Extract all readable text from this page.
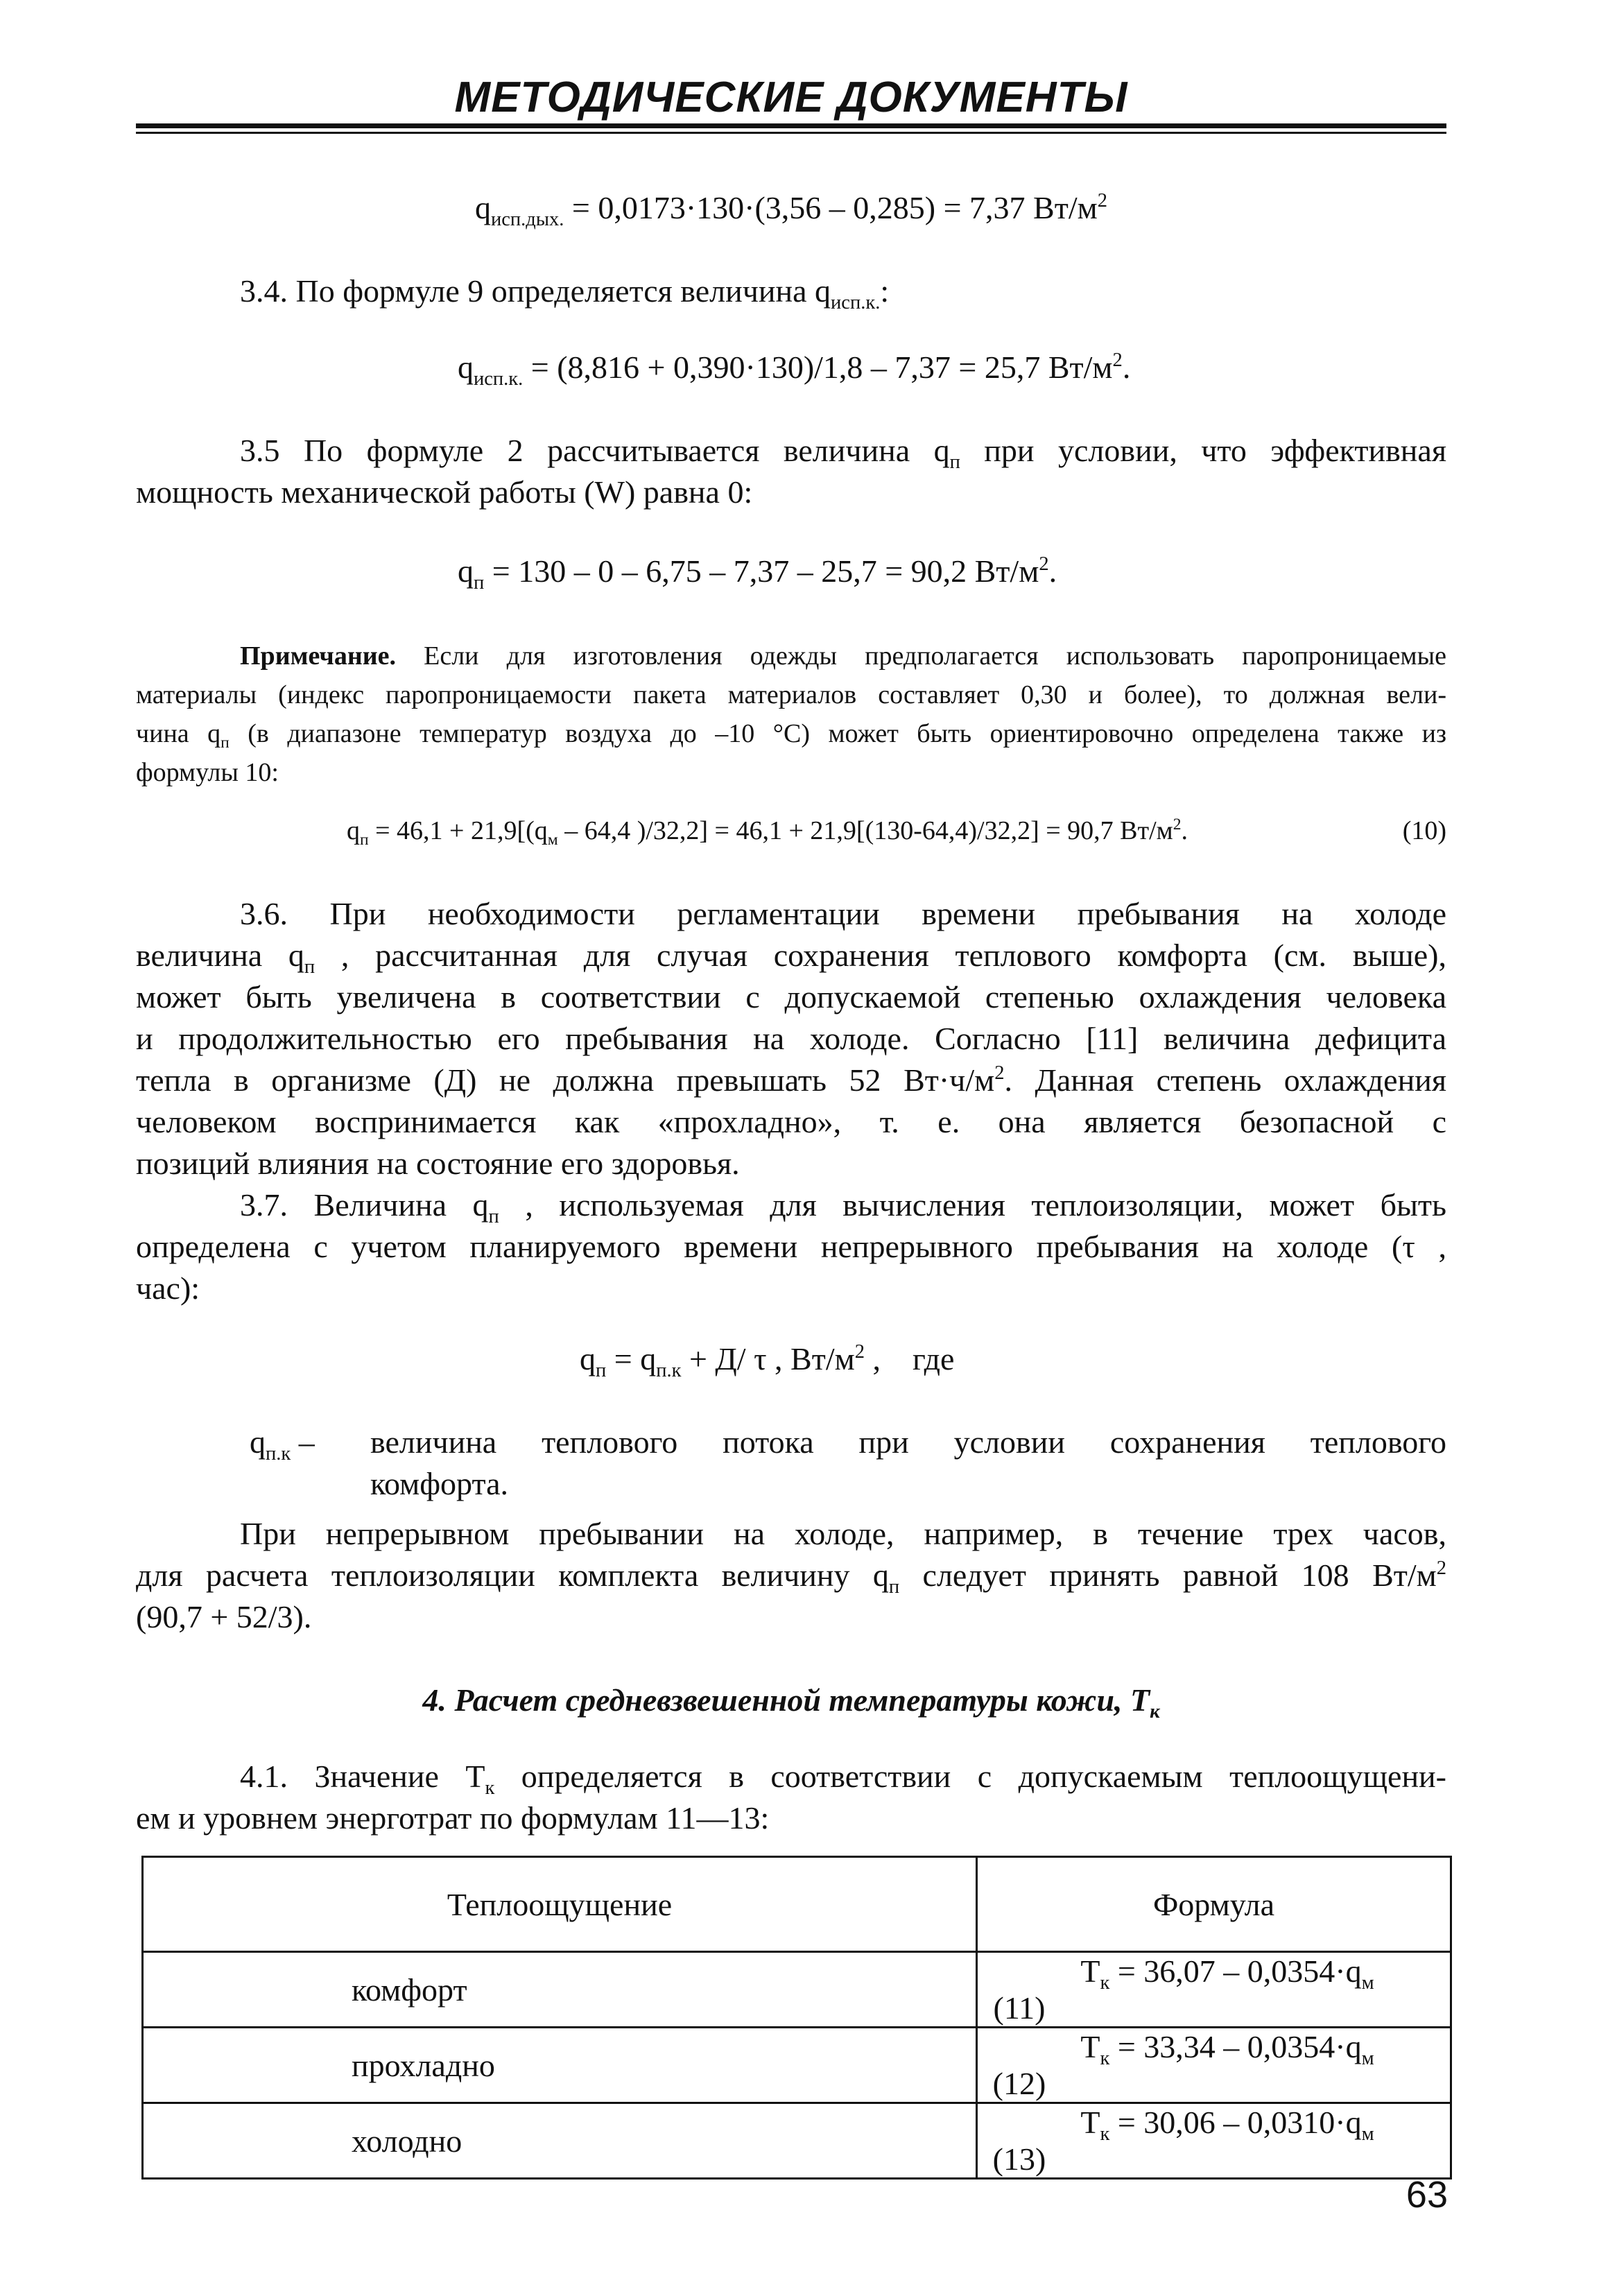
МЕТОДИЧЕСКИЕ ДОКУМЕНТЫ
$q_{исп.дых.} = 0,0173\cdot 130\cdot(3,56 - 0,285) = 7,37$ $Вт/м^2$
3.4. По формуле 9 определяется величина $q_{исп.к.}$:
$q_{исп.к.} = (8,816 + 0,390\cdot 130)/1,8 - 7,37 = 25,7$ $Вт/м^2$.
3.5 По формуле 2 рассчитывается величина $q_п$ при условии, что эффективная
мощность механической работы (W) равна 0:
$q_п = 130 - 0 - 6,75 - 7,37 - 25,7 = 90,2$ $Вт/м^2$.
Примечание. Если для изготовления одежды предполагается использовать паропроницаемые
материалы (индекс паропроницаемости пакета материалов составляет 0,30 и более), то должная вели-
чина $q_п$ (в диапазоне температур воздуха до –10 °С) может быть ориентировочно определена также из
формулы 10:
$q_п = 46,1 + 21,9[(q_м - 64,4$ )/32,2] = 46,1 + 21,9[(130-64,4)/32,2] = 90,7 $Вт/м^2$.	(10)
3.6. При необходимости регламентации времени пребывания на холоде
величина $q_п$ , рассчитанная для случая сохранения теплового комфорта (см. выше),
может быть увеличена в соответствии с допускаемой степенью охлаждения человека
и продолжительностью его пребывания на холоде. Согласно [11] величина дефицита
тепла в организме (Д) не должна превышать 52 $Вт\cdot ч/м^2$. Данная степень охлаждения
человеком воспринимается как «прохладно», т. е. она является безопасной с
позиций влияния на состояние его здоровья.
3.7. Величина $q_п$ , используемая для вычисления теплоизоляции, может быть
определена с учетом планируемого времени непрерывного пребывания на холоде (τ ,
час):
$q_п = q_{п.к} + Д/$ τ , $Вт/м^2$ ,    где
$q_{п.к}$ – величина теплового потока при условии сохранения теплового
комфорта.
При непрерывном пребывании на холоде, например, в течение трех часов,
для расчета теплоизоляции комплекта величину $q_п$ следует принять равной 108 $Вт/м^2$
(90,7 + 52/3).
4. Расчет средневзвешенной температуры кожи, $T_к$
4.1. Значение $T_к$ определяется в соответствии с допускаемым теплоощущени-
ем и уровнем энерготрат по формулам 11—13:
Теплоощущение	Формула
комфорт	$T_к = 36,07 - 0,0354\cdot q_м(11)$
прохладно	$T_к = 33,34 - 0,0354\cdot q_м(12)$
холодно	$T_к = 30,06 - 0,0310\cdot q_м(13)$
63
